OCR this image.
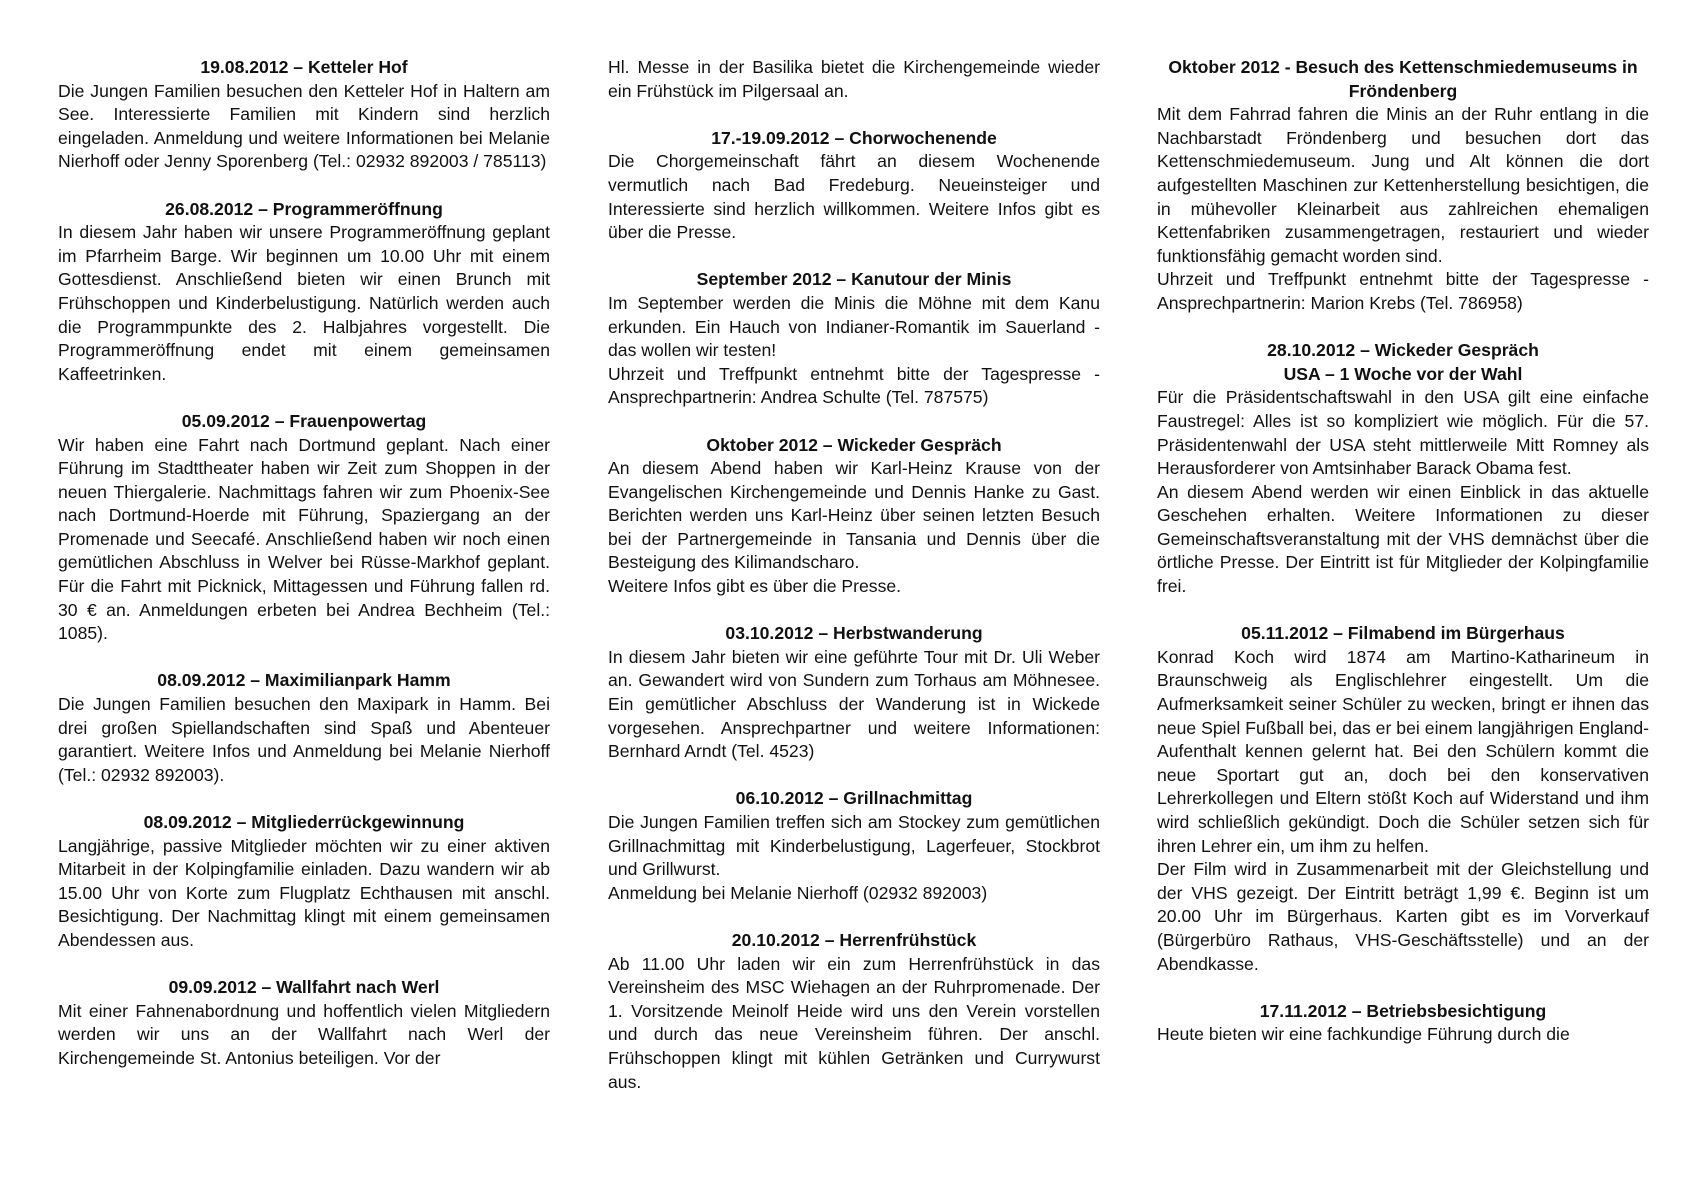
19.08.2012 – Ketteler Hof
Die Jungen Familien besuchen den Ketteler Hof in Haltern am See. Interessierte Familien mit Kindern sind herzlich eingeladen. Anmeldung und weitere Informationen bei Melanie Nierhoff oder Jenny Sporenberg (Tel.: 02932 892003 / 785113)
26.08.2012 – Programmeröffnung
In diesem Jahr haben wir unsere Programmeröffnung geplant im Pfarrheim Barge. Wir beginnen um 10.00 Uhr mit einem Gottesdienst. Anschließend bieten wir einen Brunch mit Frühschoppen und Kinderbelustigung. Natürlich werden auch die Programmpunkte des 2. Halbjahres vorgestellt. Die Programmeröffnung endet mit einem gemeinsamen Kaffeetrinken.
05.09.2012 – Frauenpowertag
Wir haben eine Fahrt nach Dortmund geplant. Nach einer Führung im Stadttheater haben wir Zeit zum Shoppen in der neuen Thiergalerie. Nachmittags fahren wir zum Phoenix-See nach Dortmund-Hoerde mit Führung, Spaziergang an der Promenade und Seecafé. Anschließend haben wir noch einen gemütlichen Abschluss in Welver bei Rüsse-Markhof geplant. Für die Fahrt mit Picknick, Mittagessen und Führung fallen rd. 30 € an. Anmeldungen erbeten bei Andrea Bechheim (Tel.: 1085).
08.09.2012 – Maximilianpark Hamm
Die Jungen Familien besuchen den Maxipark in Hamm. Bei drei großen Spiellandschaften sind Spaß und Abenteuer garantiert. Weitere Infos und Anmeldung bei Melanie Nierhoff (Tel.: 02932 892003).
08.09.2012 – Mitgliederrückgewinnung
Langjährige, passive Mitglieder möchten wir zu einer aktiven Mitarbeit in der Kolpingfamilie einladen. Dazu wandern wir ab 15.00 Uhr von Korte zum Flugplatz Echthausen mit anschl. Besichtigung. Der Nachmittag klingt mit einem gemeinsamen Abendessen aus.
09.09.2012 – Wallfahrt nach Werl
Mit einer Fahnenabordnung und hoffentlich vielen Mitgliedern werden wir uns an der Wallfahrt nach Werl der Kirchengemeinde St. Antonius beteiligen. Vor der
Hl. Messe in der Basilika bietet die Kirchengemeinde wieder ein Frühstück im Pilgersaal an.
17.-19.09.2012 – Chorwochenende
Die Chorgemeinschaft fährt an diesem Wochenende vermutlich nach Bad Fredeburg. Neueinsteiger und Interessierte sind herzlich willkommen. Weitere Infos gibt es über die Presse.
September 2012 – Kanutour der Minis
Im September werden die Minis die Möhne mit dem Kanu erkunden. Ein Hauch von Indianer-Romantik im Sauerland - das wollen wir testen!
Uhrzeit und Treffpunkt entnehmt bitte der Tagespresse - Ansprechpartnerin: Andrea Schulte (Tel. 787575)
Oktober 2012 – Wickeder Gespräch
An diesem Abend haben wir Karl-Heinz Krause von der Evangelischen Kirchengemeinde und Dennis Hanke zu Gast. Berichten werden uns Karl-Heinz über seinen letzten Besuch bei der Partnergemeinde in Tansania und Dennis über die Besteigung des Kilimandscharo.
Weitere Infos gibt es über die Presse.
03.10.2012 – Herbstwanderung
In diesem Jahr bieten wir eine geführte Tour mit Dr. Uli Weber an. Gewandert wird von Sundern zum Torhaus am Möhnesee. Ein gemütlicher Abschluss der Wanderung ist in Wickede vorgesehen. Ansprechpartner und weitere Informationen: Bernhard Arndt (Tel. 4523)
06.10.2012 – Grillnachmittag
Die Jungen Familien treffen sich am Stockey zum gemütlichen Grillnachmittag mit Kinderbelustigung, Lagerfeuer, Stockbrot und Grillwurst.
Anmeldung bei Melanie Nierhoff (02932 892003)
20.10.2012 – Herrenfrühstück
Ab 11.00 Uhr laden wir ein zum Herrenfrühstück in das Vereinsheim des MSC Wiehagen an der Ruhrpromenade. Der 1. Vorsitzende Meinolf Heide wird uns den Verein vorstellen und durch das neue Vereinsheim führen. Der anschl. Frühschoppen klingt mit kühlen Getränken und Currywurst aus.
Oktober 2012 - Besuch des Kettenschmiedemuseums in Fröndenberg
Mit dem Fahrrad fahren die Minis an der Ruhr entlang in die Nachbarstadt Fröndenberg und besuchen dort das Kettenschmiedemuseum. Jung und Alt können die dort aufgestellten Maschinen zur Kettenherstellung besichtigen, die in mühevoller Kleinarbeit aus zahlreichen ehemaligen Kettenfabriken zusammengetragen, restauriert und wieder funktionsfähig gemacht worden sind.
Uhrzeit und Treffpunkt entnehmt bitte der Tagespresse - Ansprechpartnerin: Marion Krebs (Tel. 786958)
28.10.2012 – Wickeder Gespräch
USA – 1 Woche vor der Wahl
Für die Präsidentschaftswahl in den USA gilt eine einfache Faustregel: Alles ist so kompliziert wie möglich. Für die 57. Präsidentenwahl der USA steht mittlerweile Mitt Romney als Herausforderer von Amtsinhaber Barack Obama fest.
An diesem Abend werden wir einen Einblick in das aktuelle Geschehen erhalten. Weitere Informationen zu dieser Gemeinschaftsveranstaltung mit der VHS demnächst über die örtliche Presse. Der Eintritt ist für Mitglieder der Kolpingfamilie frei.
05.11.2012 – Filmabend im Bürgerhaus
Konrad Koch wird 1874 am Martino-Katharineum in Braunschweig als Englischlehrer eingestellt. Um die Aufmerksamkeit seiner Schüler zu wecken, bringt er ihnen das neue Spiel Fußball bei, das er bei einem langjährigen England-Aufenthalt kennen gelernt hat. Bei den Schülern kommt die neue Sportart gut an, doch bei den konservativen Lehrerkollegen und Eltern stößt Koch auf Widerstand und ihm wird schließlich gekündigt. Doch die Schüler setzen sich für ihren Lehrer ein, um ihm zu helfen.
Der Film wird in Zusammenarbeit mit der Gleichstellung und der VHS gezeigt. Der Eintritt beträgt 1,99 €. Beginn ist um 20.00 Uhr im Bürgerhaus. Karten gibt es im Vorverkauf (Bürgerbüro Rathaus, VHS-Geschäftsstelle) und an der Abendkasse.
17.11.2012 – Betriebsbesichtigung
Heute bieten wir eine fachkundige Führung durch die
